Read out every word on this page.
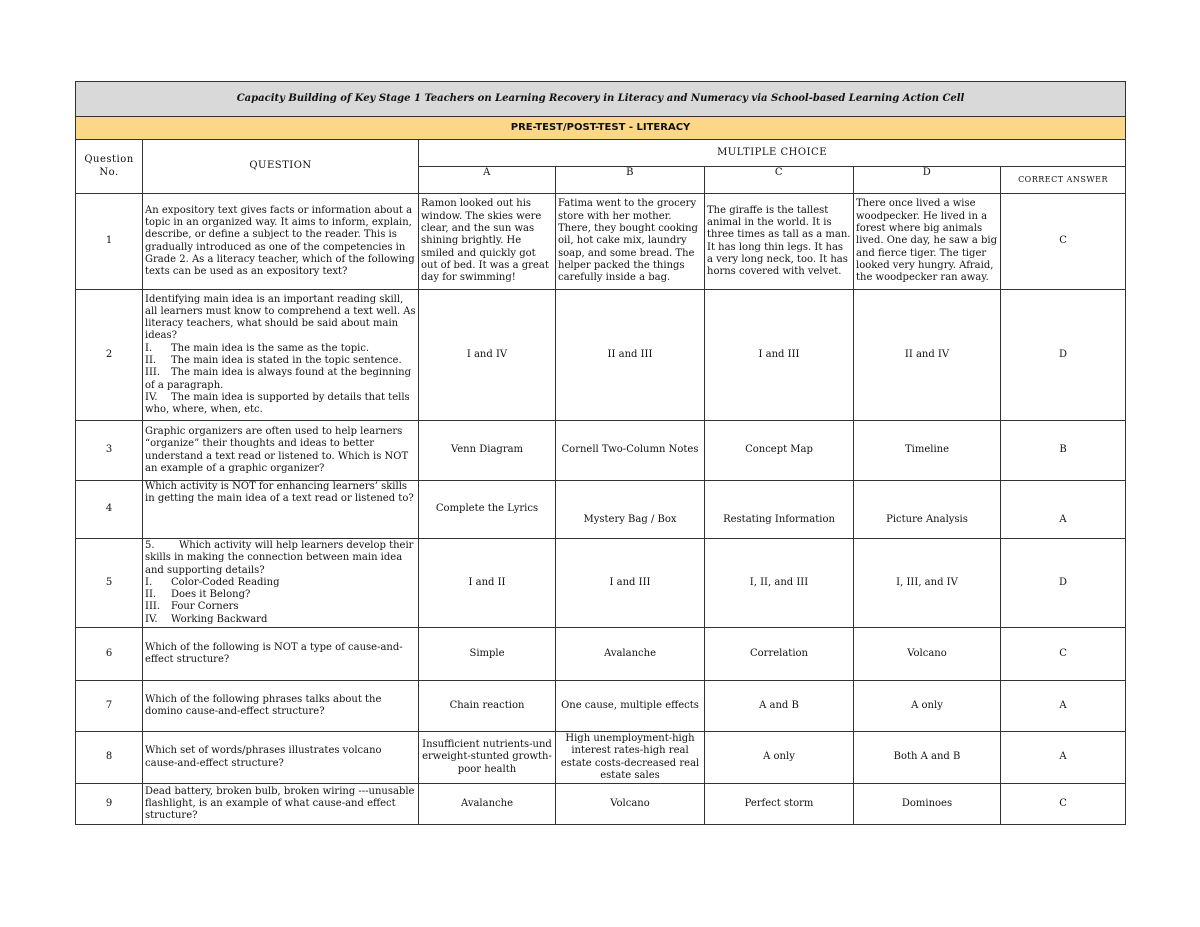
Capacity Building of Key Stage 1 Teachers on Learning Recovery in Literacy and Numeracy via School-based Learning Action Cell						
PRE-TEST/POST-TEST - LITERACY						
Question No.	QUESTION	MULTIPLE CHOICE				
		A	B	C	D	CORRECT ANSWER
1	An expository text gives facts or information about a topic in an organized way. It aims to inform, explain, describe, or define a subject to the reader. This is gradually introduced as one of the competencies in Grade 2. As a literacy teacher, which of the following texts can be used as an expository text?	Ramon looked out his window. The skies were clear, and the sun was shining brightly. He smiled and quickly got out of bed. It was a great day for swimming!	Fatima went to the grocery store with her mother. There, they bought cooking oil, hot cake mix, laundry soap, and some bread. The helper packed the things carefully inside a bag.	The giraffe is the tallest animal in the world. It is three times as tall as a man. It has long thin legs. It has a very long neck, too. It has horns covered with velvet.	There once lived a wise woodpecker. He lived in a forest where big animals lived. One day, he saw a big and fierce tiger. The tiger looked very hungry. Afraid, the woodpecker ran away.	C
2	Identifying main idea is an important reading skill, all learners must know to comprehend a text well. As literacy teachers, what should be said about main ideas?
I. The main idea is the same as the topic.
II. The main idea is stated in the topic sentence.
III. The main idea is always found at the beginning of a paragraph.
IV. The main idea is supported by details that tells who, where, when, etc.	I and IV	II and III	I and III	II and IV	D
3	Graphic organizers are often used to help learners “organize” their thoughts and ideas to better understand a text read or listened to. Which is NOT an example of a graphic organizer?	Venn Diagram	Cornell Two-Column Notes	Concept Map	Timeline	B
4	Which activity is NOT for enhancing learners’ skills in getting the main idea of a text read or listened to?	Complete the Lyrics	Mystery Bag / Box	Restating Information	Picture Analysis	A
5	5. Which activity will help learners develop their skills in making the connection between main idea and supporting details?
I. Color-Coded Reading
II. Does it Belong?
III. Four Corners
IV. Working Backward	I and II	I and III	I, II, and III	I, III, and IV	D
6	Which of the following is NOT a type of cause-and-effect structure?	Simple	Avalanche	Correlation	Volcano	C
7	Which of the following phrases talks about the domino cause-and-effect structure?	Chain reaction	One cause, multiple effects	A and B	A only	A
8	Which set of words/phrases illustrates volcano cause-and-effect structure?	Insufficient nutrients-underweight-stunted growth-poor health	High unemployment-high interest rates-high real estate costs-decreased real estate sales	A only	Both A and B	A
9	Dead battery, broken bulb, broken wiring ---unusable flashlight, is an example of what cause-and effect structure?	Avalanche	Volcano	Perfect storm	Dominoes	C
